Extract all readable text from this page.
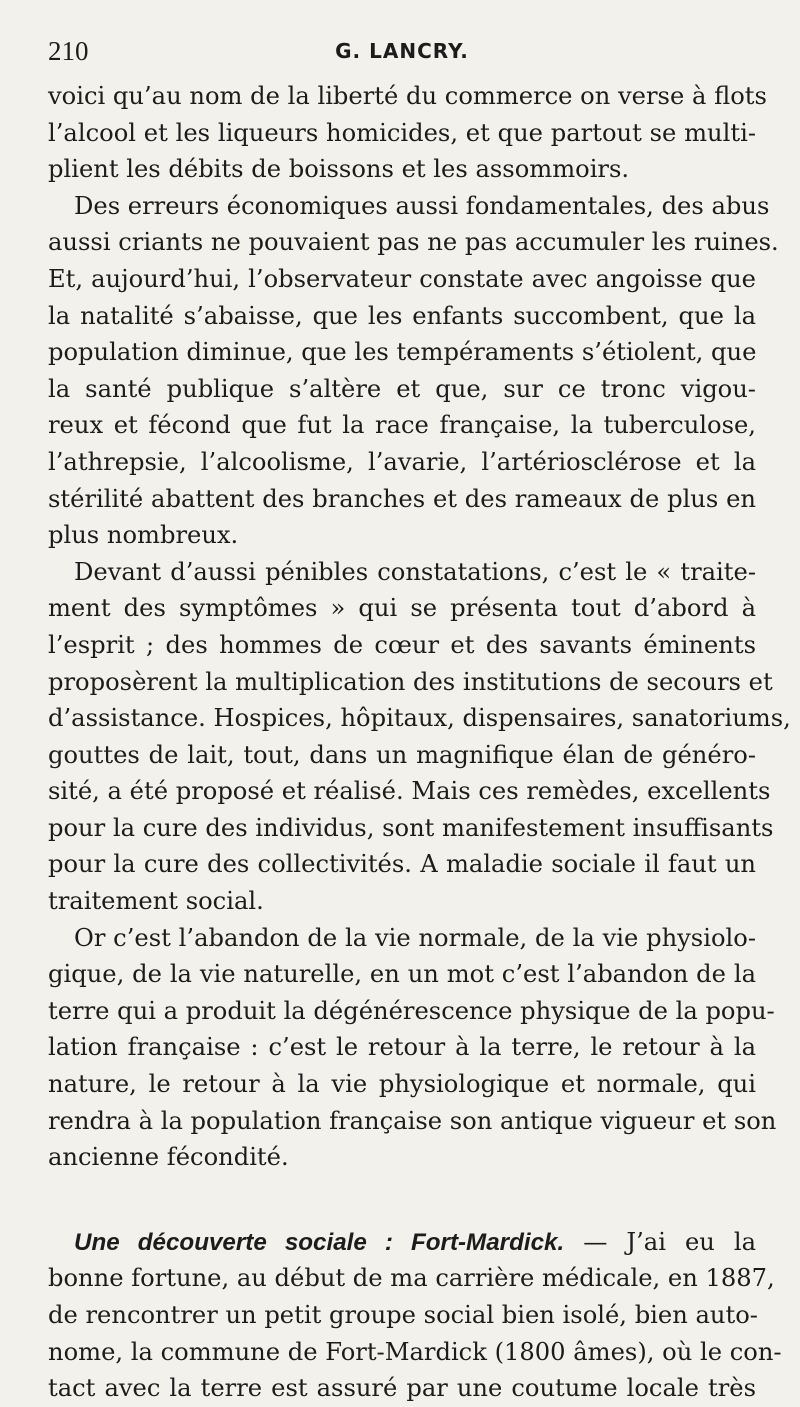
210	G. LANCRY.
voici qu’au nom de la liberté du commerce on verse à flots
l’alcool et les liqueurs homicides, et que partout se multi-
plient les débits de boissons et les assommoirs.
Des erreurs économiques aussi fondamentales, des abus
aussi criants ne pouvaient pas ne pas accumuler les ruines.
Et, aujourd’hui, l’observateur constate avec angoisse que
la natalité s’abaisse, que les enfants succombent, que la
population diminue, que les tempéraments s’étiolent, que
la santé publique s’altère et que, sur ce tronc vigou-
reux et fécond que fut la race française, la tuberculose,
l’athrepsie, l’alcoolisme, l’avarie, l’artériosclérose et la
stérilité abattent des branches et des rameaux de plus en
plus nombreux.
Devant d’aussi pénibles constatations, c’est le « traite-
ment des symptômes » qui se présenta tout d’abord à
l’esprit ; des hommes de cœur et des savants éminents
proposèrent la multiplication des institutions de secours et
d’assistance. Hospices, hôpitaux, dispensaires, sanatoriums,
gouttes de lait, tout, dans un magnifique élan de généro-
sité, a été proposé et réalisé. Mais ces remèdes, excellents
pour la cure des individus, sont manifestement insuffisants
pour la cure des collectivités. A maladie sociale il faut un
traitement social.
Or c’est l’abandon de la vie normale, de la vie physiolo-
gique, de la vie naturelle, en un mot c’est l’abandon de la
terre qui a produit la dégénérescence physique de la popu-
lation française : c’est le retour à la terre, le retour à la
nature, le retour à la vie physiologique et normale, qui
rendra à la population française son antique vigueur et son
ancienne fécondité.
Une découverte sociale : Fort-Mardick. — J’ai eu la
bonne fortune, au début de ma carrière médicale, en 1887,
de rencontrer un petit groupe social bien isolé, bien auto-
nome, la commune de Fort-Mardick (1800 âmes), où le con-
tact avec la terre est assuré par une coutume locale très
